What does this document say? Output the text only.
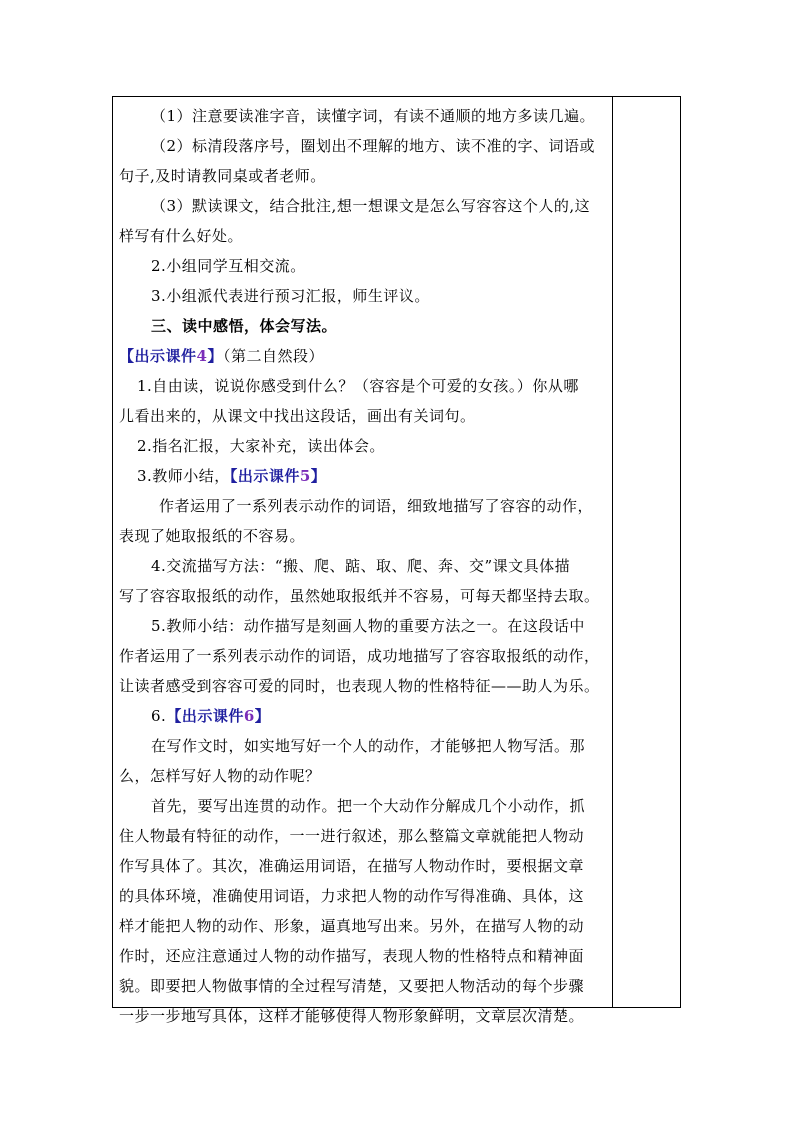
（1）注意要读准字音，读懂字词，有读不通顺的地方多读几遍。
（2）标清段落序号，圈划出不理解的地方、读不准的字、词语或
句子,及时请教同桌或者老师。
（3）默读课文，结合批注,想一想课文是怎么写容容这个人的,这
样写有什么好处。
2.小组同学互相交流。
3.小组派代表进行预习汇报，师生评议。
三、读中感悟，体会写法。
【出示课件4】（第二自然段）
1.自由读，说说你感受到什么？（容容是个可爱的女孩。）你从哪
儿看出来的，从课文中找出这段话，画出有关词句。
2.指名汇报，大家补充，读出体会。
3.教师小结，【出示课件5】
作者运用了一系列表示动作的词语，细致地描写了容容的动作，
表现了她取报纸的不容易。
4.交流描写方法：“搬、爬、踮、取、爬、奔、交”课文具体描
写了容容取报纸的动作，虽然她取报纸并不容易，可每天都坚持去取。
5.教师小结：动作描写是刻画人物的重要方法之一。在这段话中
作者运用了一系列表示动作的词语，成功地描写了容容取报纸的动作，
让读者感受到容容可爱的同时，也表现人物的性格特征——助人为乐。
6.【出示课件6】
在写作文时，如实地写好一个人的动作，才能够把人物写活。那
么，怎样写好人物的动作呢？
首先，要写出连贯的动作。把一个大动作分解成几个小动作，抓
住人物最有特征的动作，一一进行叙述，那么整篇文章就能把人物动
作写具体了。其次，准确运用词语，在描写人物动作时，要根据文章
的具体环境，准确使用词语，力求把人物的动作写得准确、具体，这
样才能把人物的动作、形象，逼真地写出来。另外，在描写人物的动
作时，还应注意通过人物的动作描写，表现人物的性格特点和精神面
貌。即要把人物做事情的全过程写清楚，又要把人物活动的每个步骤
一步一步地写具体，这样才能够使得人物形象鲜明，文章层次清楚。
